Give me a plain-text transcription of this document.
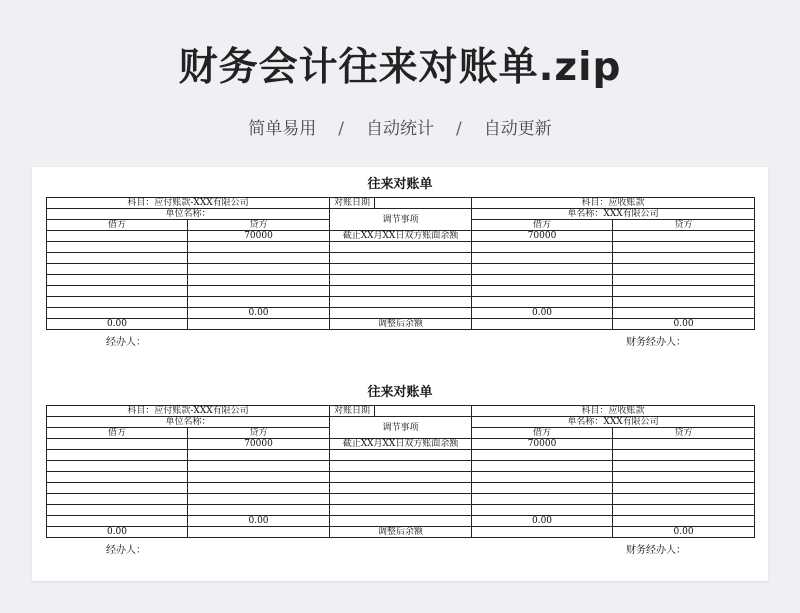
财务会计往来对账单.zip
简单易用 / 自动统计 / 自动更新
往来对账单
科目：应付账款-XXX有限公司		对账日期	科目：应收账款	
单位名称：		调节事项	单名称：XXX有限公司	
借方	贷方		借方	贷方
	70000	截止XX月XX日双方账面余额	70000	

	0.00		0.00	
0.00		调整后余额		0.00
经办人：	财务经办人：
往来对账单
科目：应付账款-XXX有限公司		对账日期	科目：应收账款	
单位名称：		调节事项	单名称：XXX有限公司	
借方	贷方		借方	贷方
	70000	截止XX月XX日双方账面余额	70000	

	0.00		0.00	
0.00		调整后余额		0.00
经办人：	财务经办人：
